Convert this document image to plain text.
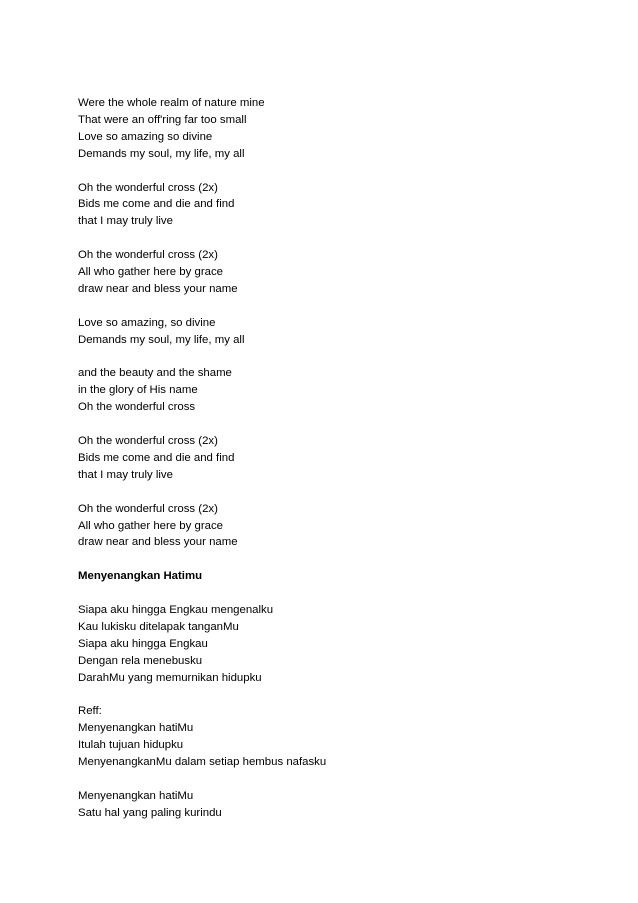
Were the whole realm of nature mine
That were an off'ring far too small
Love so amazing so divine
Demands my soul, my life, my all
Oh the wonderful cross (2x)
Bids me come and die and find
that I may truly live
Oh the wonderful cross (2x)
All who gather here by grace
draw near and bless your name
Love so amazing, so divine
Demands my soul, my life, my all
and the beauty and the shame
in the glory of His name
Oh the wonderful cross
Oh the wonderful cross (2x)
Bids me come and die and find
that I may truly live
Oh the wonderful cross (2x)
All who gather here by grace
draw near and bless your name
Menyenangkan Hatimu
Siapa aku hingga Engkau mengenalku
Kau lukisku ditelapak tanganMu
Siapa aku hingga Engkau
Dengan rela menebusku
DarahMu yang memurnikan hidupku
Reff:
Menyenangkan hatiMu
Itulah tujuan hidupku
MenyenangkanMu dalam setiap hembus nafasku
Menyenangkan hatiMu
Satu hal yang paling kurindu
